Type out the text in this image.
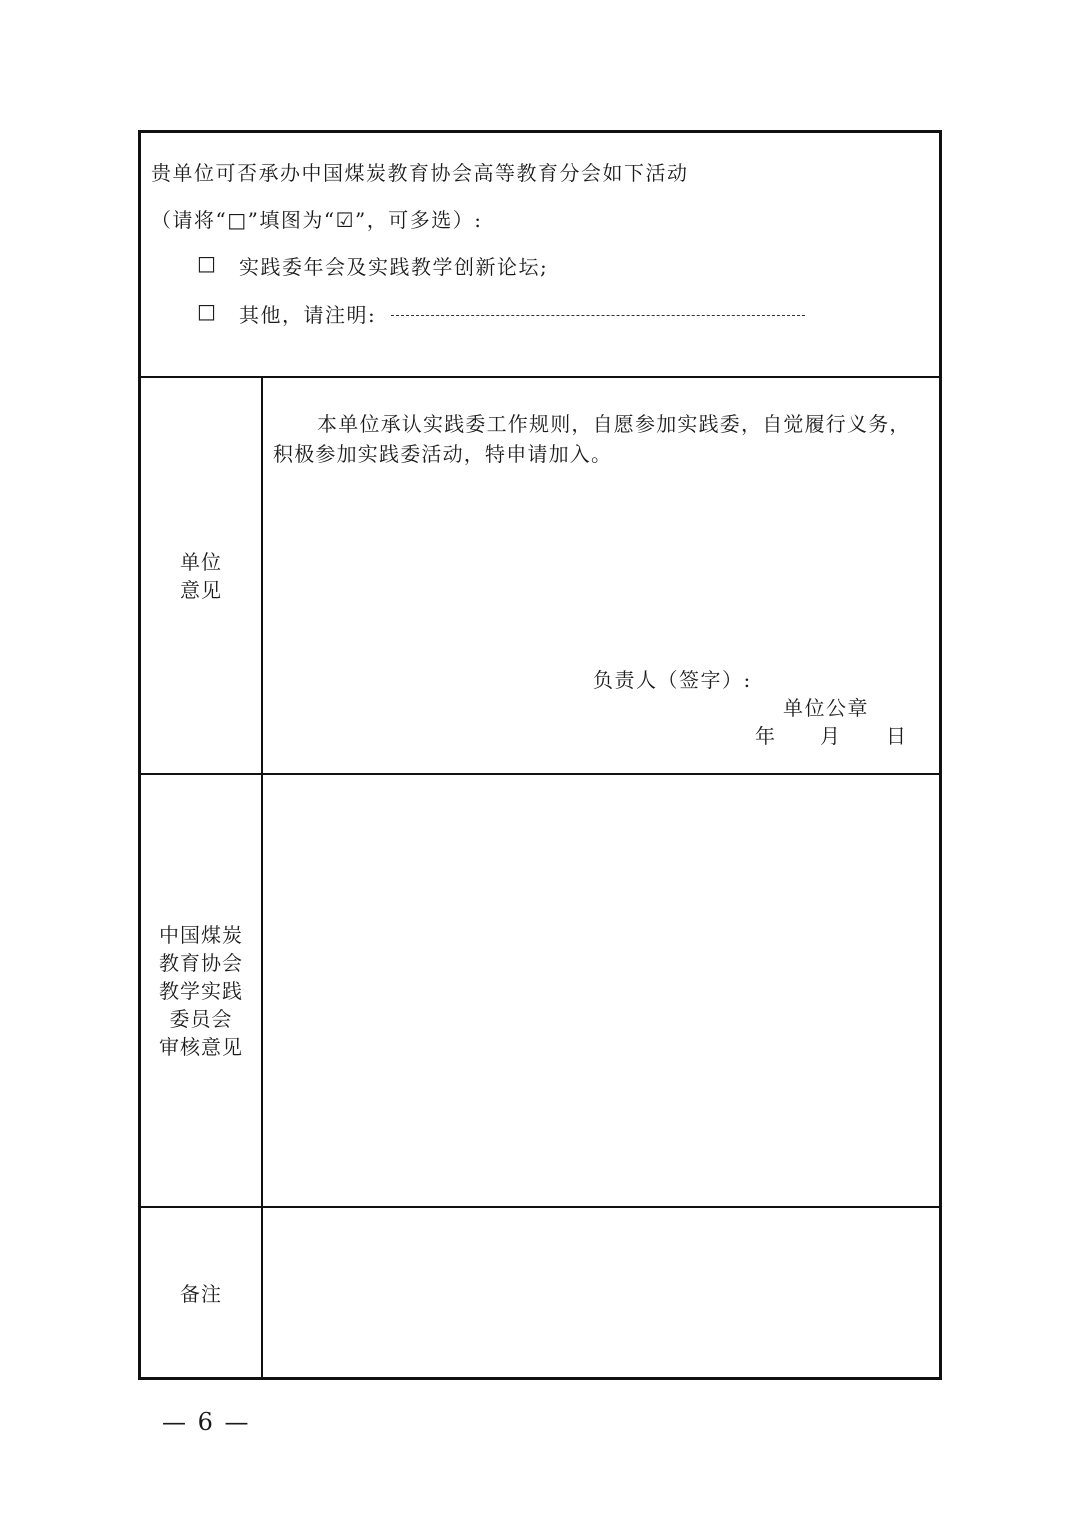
贵单位可否承办中国煤炭教育协会高等教育分会如下活动
（请将“□”填图为“☑”，可多选）:
□ 实践委年会及实践教学创新论坛;
□ 其他，请注明:
单位
意见
本单位承认实践委工作规则，自愿参加实践委，自觉履行义务，
积极参加实践委活动，特申请加入。
负责人（签字）:
单位公章
年 月 日
中国煤炭
教育协会
教学实践
委员会
审核意见
备注
— 6 —
